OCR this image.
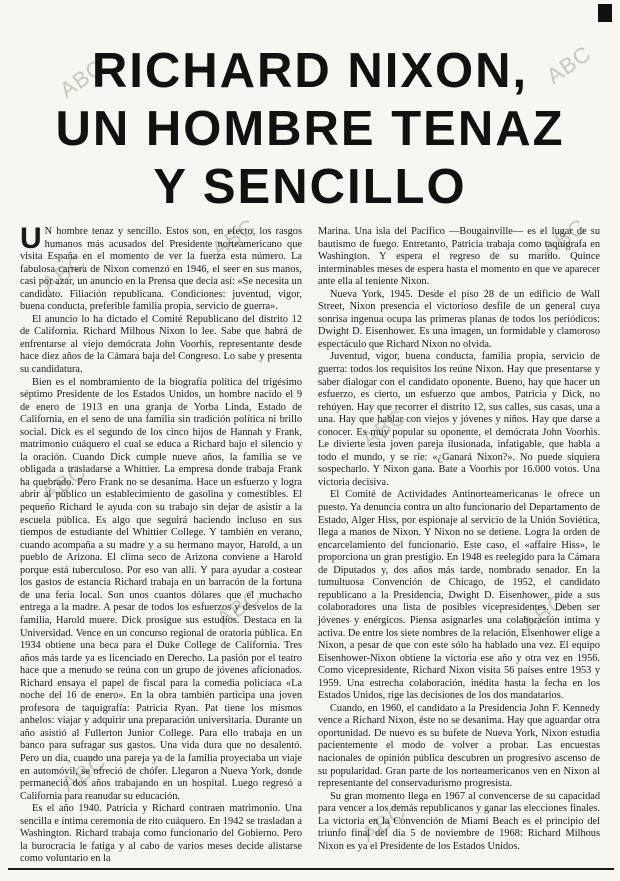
ABC	ABC
ABC
ABC	ABC
ABC
ABC
ABC	ABC
ABC
ABC
RICHARD NIXON,
UN HOMBRE TENAZ
Y SENCILLO

U N hombre tenaz y sencillo. Estos son, en efecto, los rasgos humanos más acusados del Presidente norteamericano que visita España en el momento de ver la fuerza esta número. La fabulosa carrera de Nixon comenzó en 1946, el seer en sus manos, casi por azar, un anuncio en la Prensa que decía así: «Se necesita un candidato. Filiación republicana. Condiciones: juventud, vigor, buena conducta, preferible familia propia, servicio de guerra».

El anuncio lo ha dictado el Comité Republicano del distrito 12 de California. Richard Milhous Nixon lo lee. Sabe que habrá de enfrentarse al viejo demócrata John Voorhis, representante desde hace diez años de la Cámara baja del Congreso. Lo sabe y presenta su candidatura.

Bien es el nombramiento de la biografía política del trigésimo séptimo Presidente de los Estados Unidos, un hombre nacido el 9 de enero de 1913 en una granja de Yorba Linda, Estado de California, en el seno de una familia sin tradición política ni brillo social. Dick es el segundo de los cinco hijos de Hannah y Frank, matrimonio cuáquero el cual se educa a Richard bajo el silencio y la oración. Cuando Dick cumple nueve años, la familia se ve obligada a trasladarse a Whittier. La empresa donde trabaja Frank ha quebrado. Pero Frank no se desanima. Hace un esfuerzo y logra abrir al público un establecimiento de gasolina y comestibles. El pequeño Richard le ayuda con su trabajo sin dejar de asistir a la escuela pública. Es algo que seguirá haciendo incluso en sus tiempos de estudiante del Whittier College. Y también en verano, cuando acompaña a su madre y a su hermano mayor, Harold, a un pueblo de Arizona. El clima seco de Arizona conviene a Harold porque está tuberculoso. Por eso van allí. Y para ayudar a costear los gastos de estancia Richard trabaja en un barracón de la fortuna de una feria local. Son unos cuantos dólares que el muchacho entrega a la madre. A pesar de todos los esfuerzos y desvelos de la familia, Harold muere. Dick prosigue sus estudios. Destaca en la Universidad. Vence en un concurso regional de oratoria pública. En 1934 obtiene una beca para el Duke College de California. Tres años más tarde ya es licenciado en Derecho. La pasión por el teatro hace que a menudo se reúna con un grupo de jóvenes aficionados. Richard ensaya el papel de fiscal para la comedia policíaca «La noche del 16 de enero». En la obra también participa una joven profesora de taquigrafía: Patricia Ryan. Pat tiene los mismos anhelos: viajar y adquirir una preparación universitaria. Durante un año asistió al Fullerton Junior College. Para ello trabaja en un banco para sufragar sus gastos. Una vida dura que no desalentó. Pero un día, cuando una pareja ya de la familia proyectaba un viaje en automóvil, se ofreció de chófer. Llegaron a Nueva York, donde permaneció dos años trabajando en un hospital. Luego regresó a California para reanudar su educación.

Es el año 1940. Patricia y Richard contraen matrimonio. Una sencilla e íntima ceremonia de rito cuáquero. En 1942 se trasladan a Washington. Richard trabaja como funcionario del Gobierno. Pero la burocracia le fatiga y al cabo de varios meses decide alistarse como voluntario en la

Marina. Una isla del Pacífico —Bougainville— es el lugar de su bautismo de fuego. Entretanto, Patricia trabaja como taquígrafa en Washington. Y espera el regreso de su marido. Quince interminables meses de espera hasta el momento en que ve aparecer ante ella al teniente Nixon.

Nueva York, 1945. Desde el piso 28 de un edificio de Wall Street, Nixon presencia el victorioso desfile de un general cuya sonrisa ingenua ocupa las primeras planas de todos los periódicos: Dwight D. Eisenhower. Es una imagen, un formidable y clamoroso espectáculo que Richard Nixon no olvida.

Juventud, vigor, buena conducta, familia propia, servicio de guerra: todos los requisitos los reúne Nixon. Hay que presentarse y saber dialogar con el candidato oponente. Bueno, hay que hacer un esfuerzo, es cierto, un esfuerzo que ambos, Patricia y Dick, no rehúyen. Hay que recorrer el distrito 12, sus calles, sus casas, una a una. Hay que hablar con viejos y jóvenes y niños. Hay que darse a conocer. Es muy popular su oponente, el demócrata John Voorhis. Le divierte esta joven pareja ilusionada, infatigable, que habla a todo el mundo, y se ríe: «¿Ganará Nixon?». No puede siquiera sospecharlo. Y Nixon gana. Bate a Voorhis por 16.000 votos. Una victoria decisiva.

El Comité de Actividades Antinorteamericanas le ofrece un puesto. Ya denuncia contra un alto funcionario del Departamento de Estado, Alger Hiss, por espionaje al servicio de la Unión Soviética, llega a manos de Nixon. Y Nixon no se detiene. Logra la orden de encarcelamiento del funcionario. Este caso, el «affaire Hiss», le proporciona un gran prestigio. En 1948 es reelegido para la Cámara de Diputados y, dos años más tarde, nombrado senador. En la tumultuosa Convención de Chicago, de 1952, el candidato republicano a la Presidencia, Dwight D. Eisenhower, pide a sus colaboradores una lista de posibles vicepresidentes. Deben ser jóvenes y enérgicos. Piensa asignarles una colaboración íntima y activa. De entre los siete nombres de la relación, Eisenhower elige a Nixon, a pesar de que con este sólo ha hablado una vez. El equipo Eisenhower-Nixon obtiene la victoria ese año y otra vez en 1956. Como vicepresidente, Richard Nixon visita 56 países entre 1953 y 1959. Una estrecha colaboración, inédita hasta la fecha en los Estados Unidos, rige las decisiones de los dos mandatarios.

Cuando, en 1960, el candidato a la Presidencia John F. Kennedy vence a Richard Nixon, éste no se desanima. Hay que aguardar otra oportunidad. De nuevo es su bufete de Nueva York, Nixon estudia pacientemente el modo de volver a probar. Las encuestas nacionales de opinión pública descubren un progresivo ascenso de su popularidad. Gran parte de los norteamericanos ven en Nixon al representante del conservadurismo progresista.

Su gran momento llega en 1967 al convencerse de su capacidad para vencer a los demás republicanos y ganar las elecciones finales. La victoria en la Convención de Miami Beach es el principio del triunfo final del día 5 de noviembre de 1968: Richard Milhous Nixon es ya el Presidente de los Estados Unidos.
